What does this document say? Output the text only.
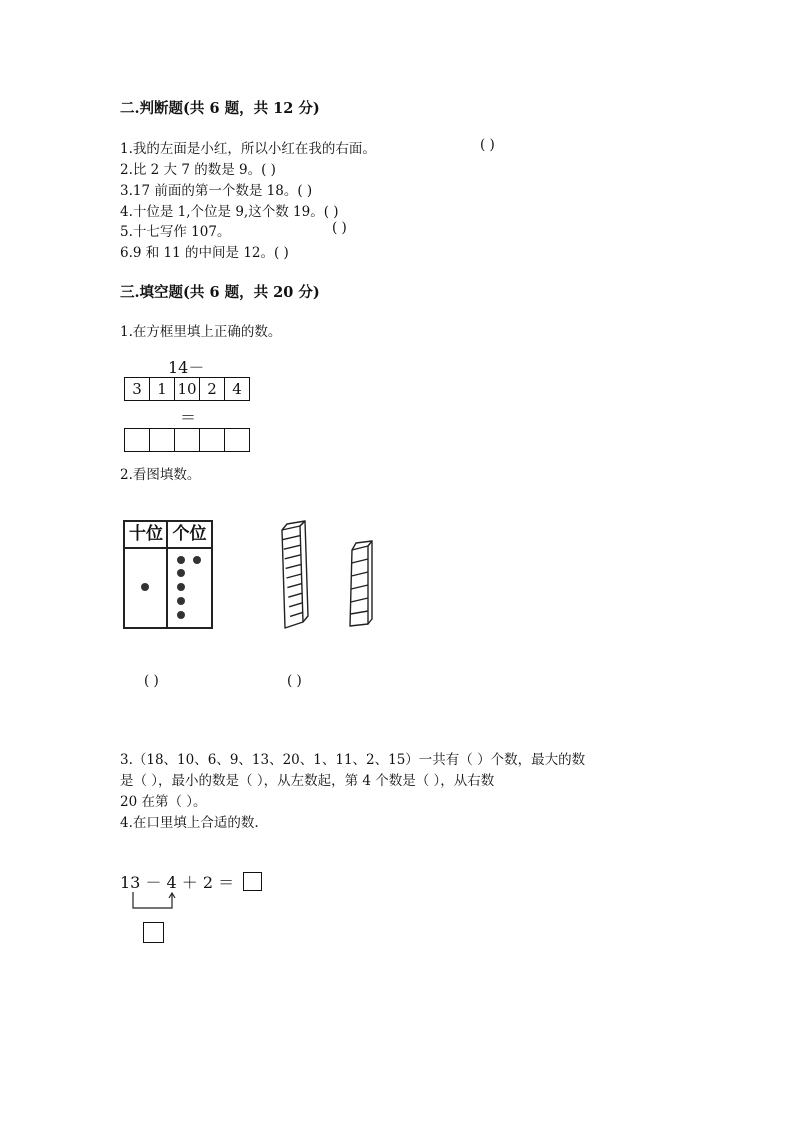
二.判断题(共 6 题，共 12 分)
1.我的左面是小红，所以小红在我的右面。	( )
2.比 2 大 7 的数是 9。( )
3.17 前面的第一个数是 18。( )
4.十位是 1,个位是 9,这个数 19。( )
5.十七写作 107。	( )
6.9 和 11 的中间是 12。( )
三.填空题(共 6 题，共 20 分)
1.在方框里填上正确的数。
14－
3	1	10	2	4
＝

2.看图填数。
十位 个位
( )	( )
3.（18、10、6、9、13、20、1、11、2、15）一共有（ ）个数，最大的数
是（ ），最小的数是（ ），从左数起，第 4 个数是（ ），从右数
20 在第（ ）。
4.在口里填上合适的数.
13 － 4 ＋ 2 ＝
